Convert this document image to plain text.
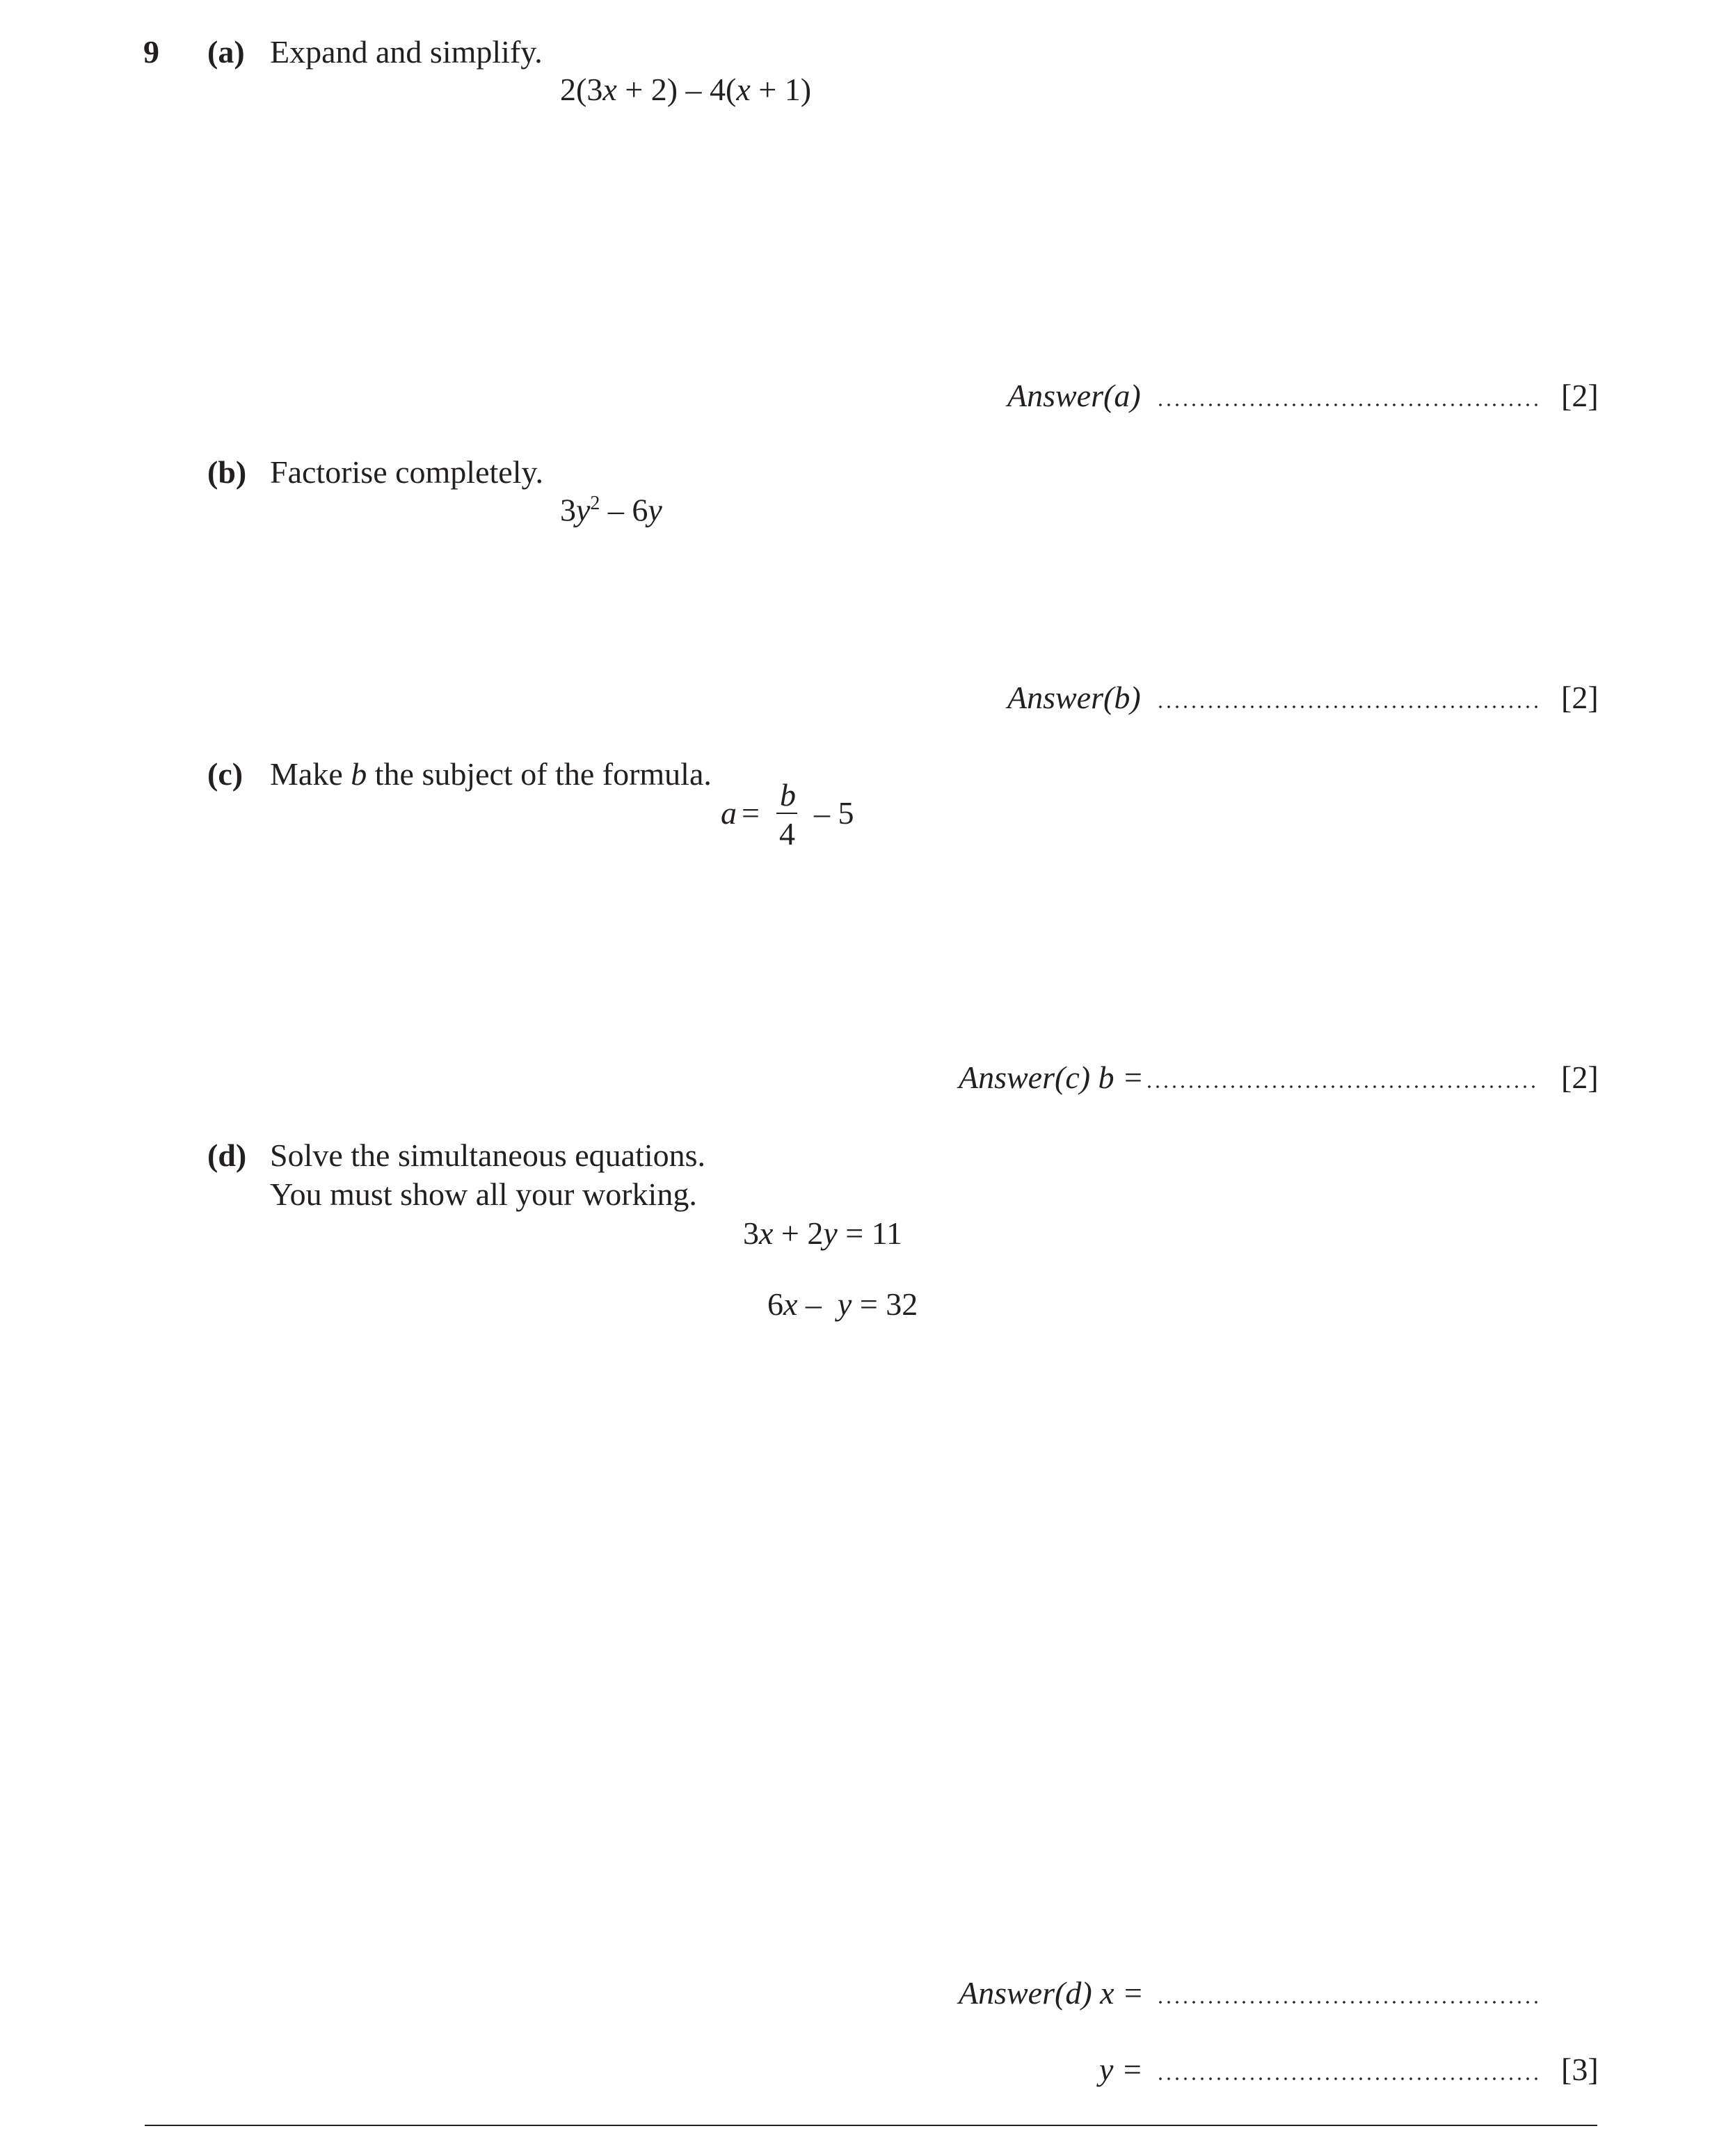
9 (a) Expand and simplify.
2(3x + 2) – 4(x + 1)
Answer(a)	[2]
(b) Factorise completely.
$3y^2 - 6y$
Answer(b)	[2]
(c) Make b the subject of the formula.
a =
b
4
– 5
Answer(c) b =	[2]
(d) Solve the simultaneous equations.
You must show all your working.
3x + 2y = 11

6x –  y = 32

Answer(d) x =
y =	[3]
